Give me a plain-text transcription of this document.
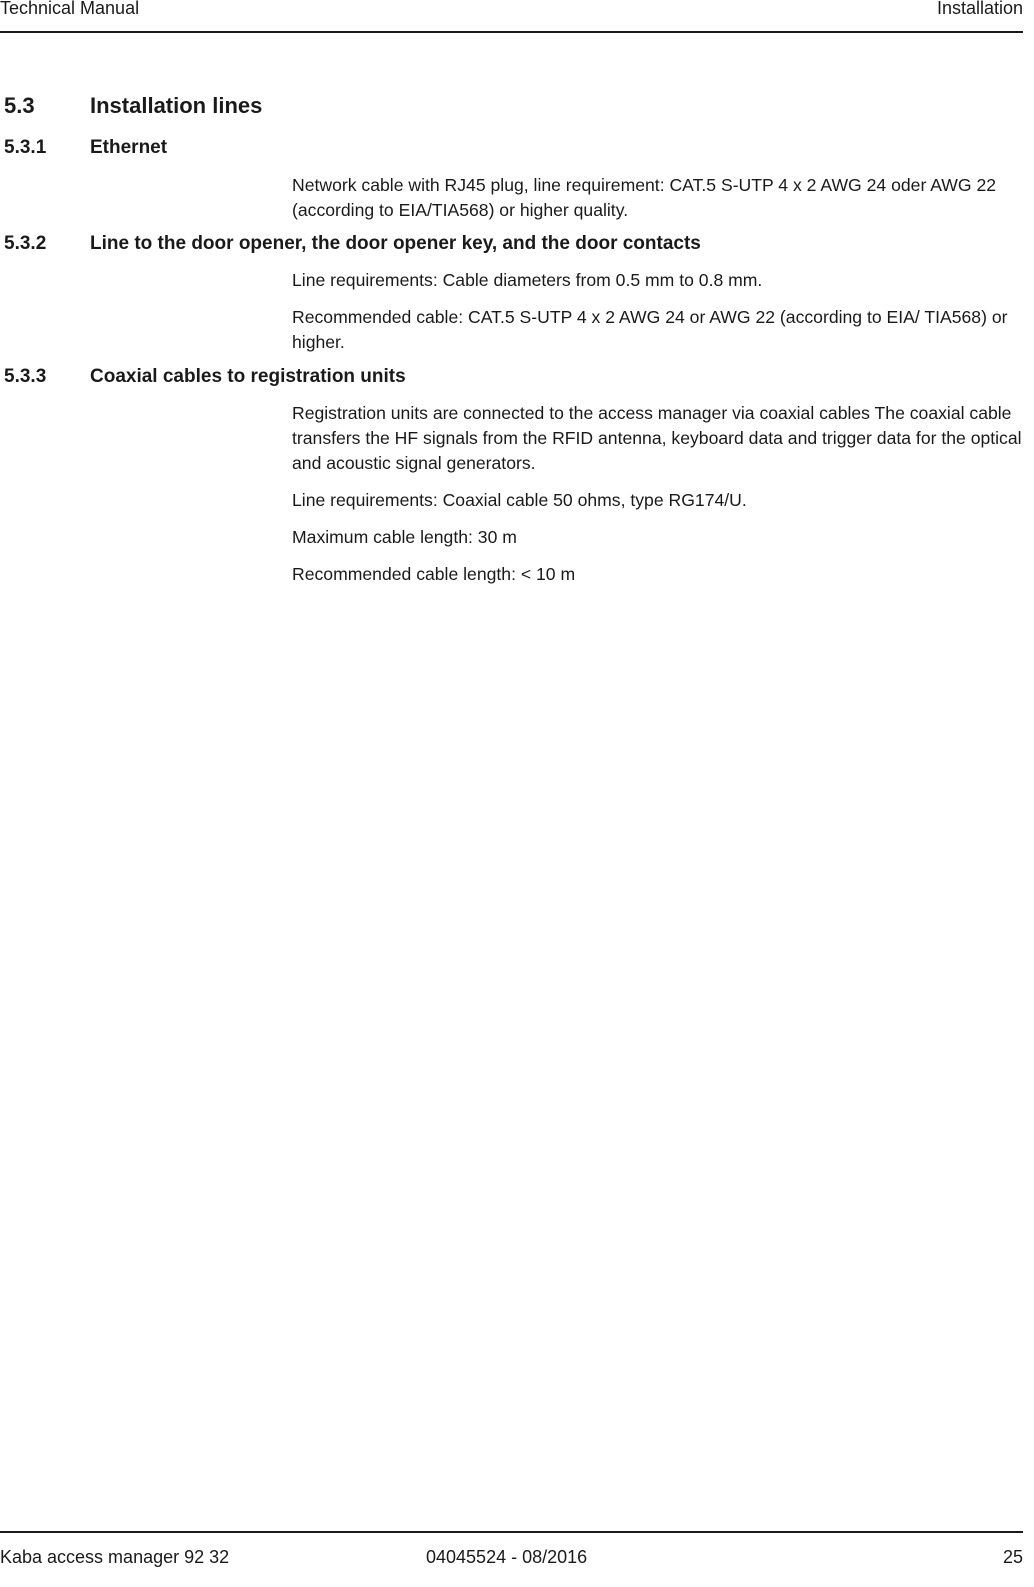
Technical Manual	Installation
5.3	Installation lines
5.3.1 Ethernet

Network cable with RJ45 plug, line requirement: CAT.5 S-UTP 4 x 2 AWG 24 oder AWG 22 (according to EIA/TIA568) or higher quality.

5.3.2 Line to the door opener, the door opener key, and the door contacts

Line requirements: Cable diameters from 0.5 mm to 0.8 mm.

Recommended cable: CAT.5 S-UTP 4 x 2 AWG 24 or AWG 22 (according to EIA/ TIA568) or higher.

5.3.3 Coaxial cables to registration units

Registration units are connected to the access manager via coaxial cables The coaxial cable transfers the HF signals from the RFID antenna, keyboard data and trigger data for the optical and acoustic signal generators.

Line requirements: Coaxial cable 50 ohms, type RG174/U.

Maximum cable length: 30 m

Recommended cable length: < 10 m

Kaba access manager 92 32	04045524 - 08/2016	25
